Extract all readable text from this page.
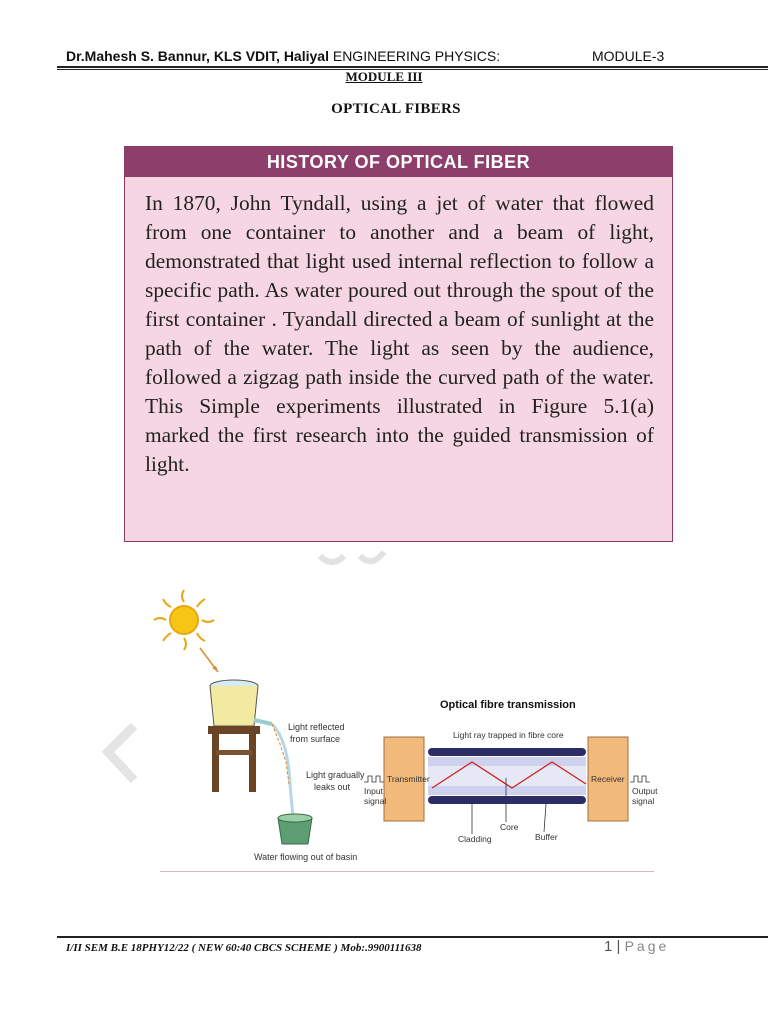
Dr.Mahesh S. Bannur, KLS VDIT, Haliyal ENGINEERING PHYSICS:	MODULE-3
MODULE III
OPTICAL FIBERS
HISTORY OF OPTICAL FIBER
In 1870, John Tyndall, using a jet of water that flowed from one container to another and a beam of light, demonstrated that light used internal reflection to follow a specific path. As water poured out through the spout of the first container . Tyandall directed a beam of sunlight at the path of the water. The light as seen by the audience, followed a zigzag path inside the curved path of the water. This Simple experiments illustrated in Figure 5.1(a) marked the first research into the guided transmission of light.
Light reflected
from surface
Light gradually
leaks out
Water flowing out of basin
Optical fibre transmission
Light ray trapped in fibre core
Transmitter	Receiver
Input
signal
Output
signal
Cladding
Core
Buffer
I/II SEM B.E 18PHY12/22 ( NEW 60:40 CBCS SCHEME ) Mob:.9900111638	1 | Page
